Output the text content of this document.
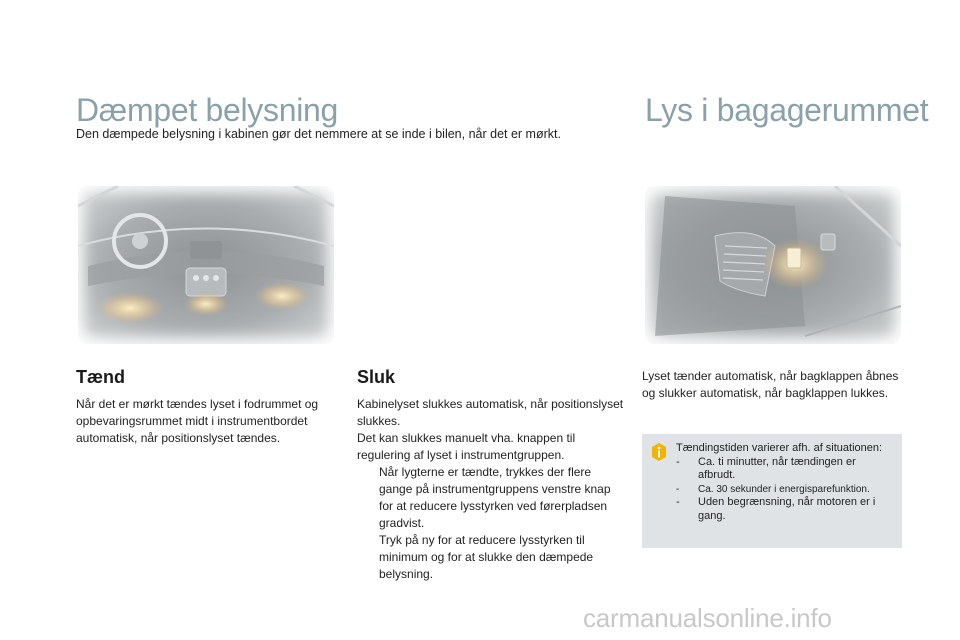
Dæmpet belysning	Lys i bagagerummet

Den dæmpede belysning i kabinen gør det nemmere at se inde i bilen, når det er mørkt.

Tænd

Når det er mørkt tændes lyset i fodrummet og opbevaringsrummet midt i instrumentbordet automatisk, når positionslyset tændes.

Sluk
Kabinelyset slukkes automatisk, når positionslyset slukkes.
Det kan slukkes manuelt vha. knappen til regulering af lyset i instrumentgruppen.
Når lygterne er tændte, trykkes der flere gange på instrumentgruppens venstre knap for at reducere lysstyrken ved førerpladsen gradvist.
Tryk på ny for at reducere lysstyrken til minimum og for at slukke den dæmpede belysning.

Lyset tænder automatisk, når bagklappen åbnes og slukker automatisk, når bagklappen lukkes.

Tændingstiden varierer afh. af situationen:

- Ca. ti minutter, når tændingen er afbrudt.
- Ca. 30 sekunder i energisparefunktion.
- Uden begrænsning, når motoren er i gang.
carmanualsonline.info
